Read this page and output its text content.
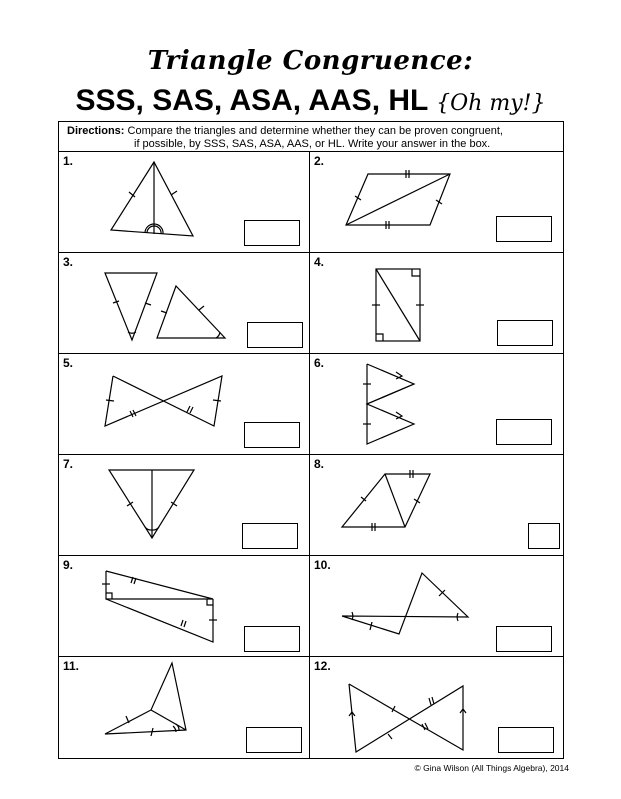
Triangle Congruence:
SSS, SAS, ASA, AAS, HL {Oh my!}
Directions: Compare the triangles and determine whether they can be proven congruent,
if possible, by SSS, SAS, ASA, AAS, or HL. Write your answer in the box.
1.	2.
3.	4.
5.	6.
7.	8.
9.	10.
11.	12.
© Gina Wilson (All Things Algebra), 2014
